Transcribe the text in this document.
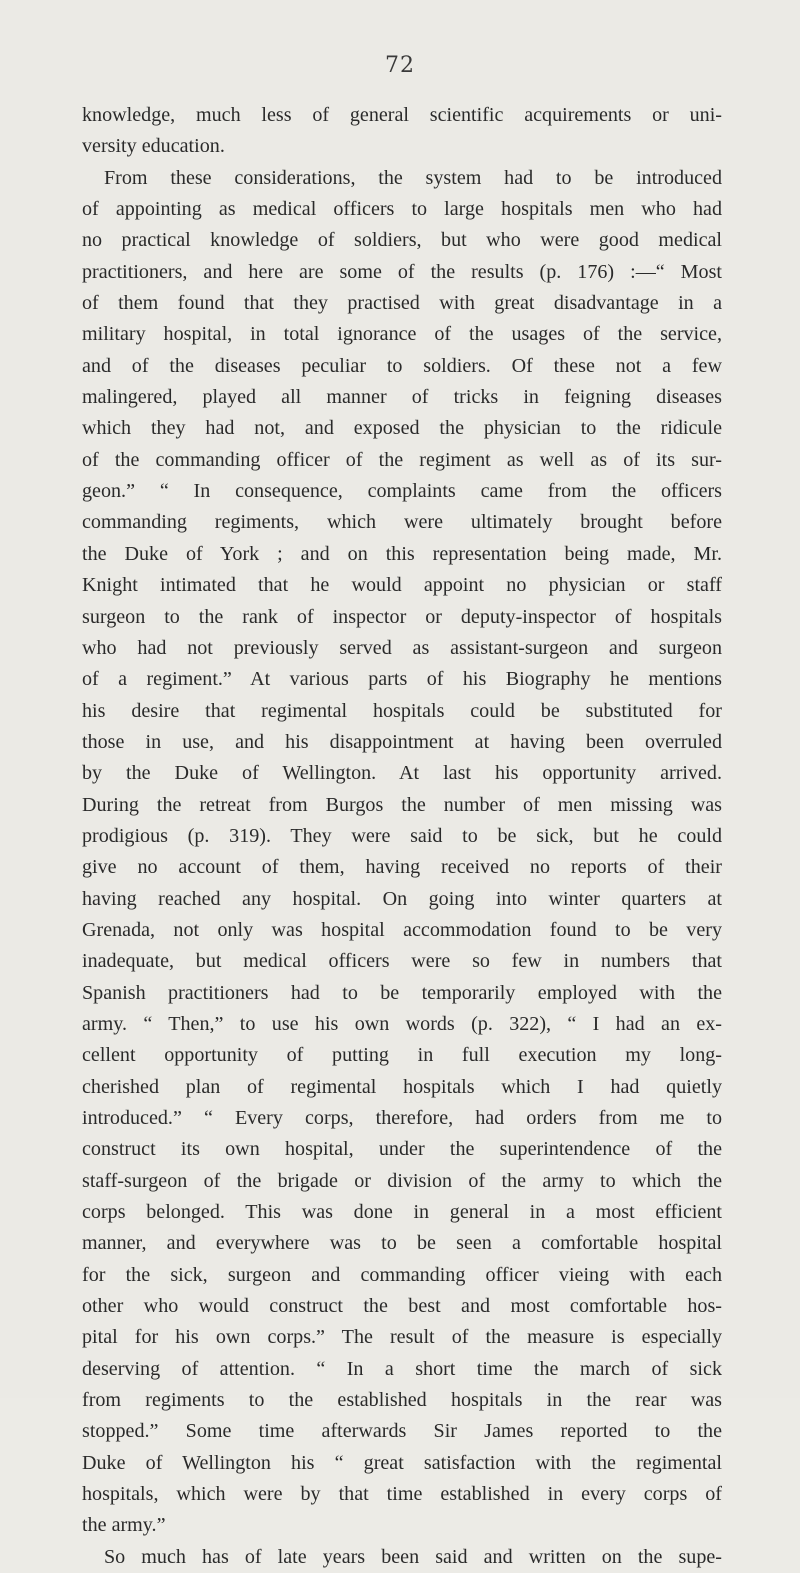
72
knowledge, much less of general scientific acquirements or uni-
versity education.
From these considerations, the system had to be introduced
of appointing as medical officers to large hospitals men who had
no practical knowledge of soldiers, but who were good medical
practitioners, and here are some of the results (p. 176) :—“ Most
of them found that they practised with great disadvantage in a
military hospital, in total ignorance of the usages of the service,
and of the diseases peculiar to soldiers. Of these not a few
malingered, played all manner of tricks in feigning diseases
which they had not, and exposed the physician to the ridicule
of the commanding officer of the regiment as well as of its sur-
geon.” “ In consequence, complaints came from the officers
commanding regiments, which were ultimately brought before
the Duke of York ; and on this representation being made, Mr.
Knight intimated that he would appoint no physician or staff
surgeon to the rank of inspector or deputy-inspector of hospitals
who had not previously served as assistant-surgeon and surgeon
of a regiment.” At various parts of his Biography he mentions
his desire that regimental hospitals could be substituted for
those in use, and his disappointment at having been overruled
by the Duke of Wellington. At last his opportunity arrived.
During the retreat from Burgos the number of men missing was
prodigious (p. 319). They were said to be sick, but he could
give no account of them, having received no reports of their
having reached any hospital. On going into winter quarters at
Grenada, not only was hospital accommodation found to be very
inadequate, but medical officers were so few in numbers that
Spanish practitioners had to be temporarily employed with the
army. “ Then,” to use his own words (p. 322), “ I had an ex-
cellent opportunity of putting in full execution my long-
cherished plan of regimental hospitals which I had quietly
introduced.” “ Every corps, therefore, had orders from me to
construct its own hospital, under the superintendence of the
staff-surgeon of the brigade or division of the army to which the
corps belonged. This was done in general in a most efficient
manner, and everywhere was to be seen a comfortable hospital
for the sick, surgeon and commanding officer vieing with each
other who would construct the best and most comfortable hos-
pital for his own corps.” The result of the measure is especially
deserving of attention. “ In a short time the march of sick
from regiments to the established hospitals in the rear was
stopped.” Some time afterwards Sir James reported to the
Duke of Wellington his “ great satisfaction with the regimental
hospitals, which were by that time established in every corps of
the army.”
So much has of late years been said and written on the supe-
